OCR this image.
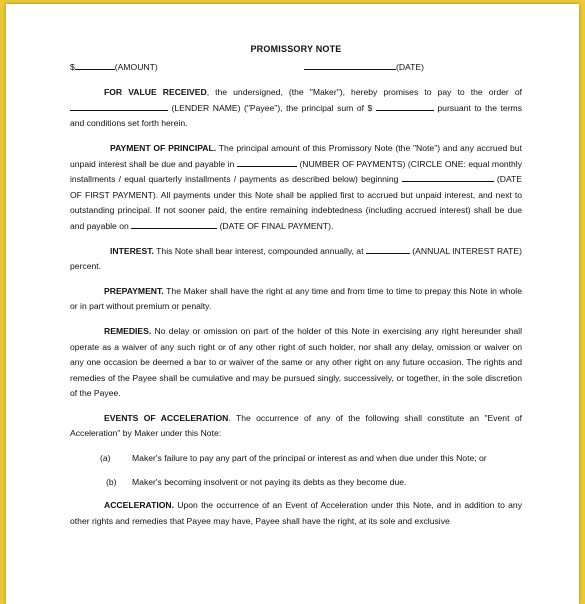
PROMISSORY NOTE
$	(AMOUNT)	(DATE)

FOR VALUE RECEIVED, the undersigned, (the "Maker"), hereby promises to pay to the order of  (LENDER NAME) ("Payee"), the principal sum of $	pursuant to the terms and conditions set forth herein.

PAYMENT OF PRINCIPAL. The principal amount of this Promissory Note (the "Note") and any accrued but unpaid interest shall be due and payable in	(NUMBER OF PAYMENTS) (CIRCLE ONE: equal monthly installments / equal quarterly installments / payments as described below) beginning	(DATE OF FIRST PAYMENT). All payments under this Note shall be applied first to accrued but unpaid interest, and next to outstanding principal. If not sooner paid, the entire remaining indebtedness (including accrued interest) shall be due and payable on	(DATE OF FINAL PAYMENT).

INTEREST. This Note shall bear interest, compounded annually, at	(ANNUAL INTEREST RATE) percent.

PREPAYMENT. The Maker shall have the right at any time and from time to time to prepay this Note in whole or in part without premium or penalty.

REMEDIES. No delay or omission on part of the holder of this Note in exercising any right hereunder shall operate as a waiver of any such right or of any other right of such holder, nor shall any delay, omission or waiver on any one occasion be deemed a bar to or waiver of the same or any other right on any future occasion. The rights and remedies of the Payee shall be cumulative and may be pursued singly, successively, or together, in the sole discretion of the Payee.

EVENTS OF ACCELERATION. The occurrence of any of the following shall constitute an "Event of Acceleration" by Maker under this Note:

(a)	Maker's failure to pay any part of the principal or interest as and when due under this Note; or
(b)	Maker's becoming insolvent or not paying its debts as they become due.

ACCELERATION. Upon the occurrence of an Event of Acceleration under this Note, and in addition to any other rights and remedies that Payee may have, Payee shall have the right, at its sole and exclusive
